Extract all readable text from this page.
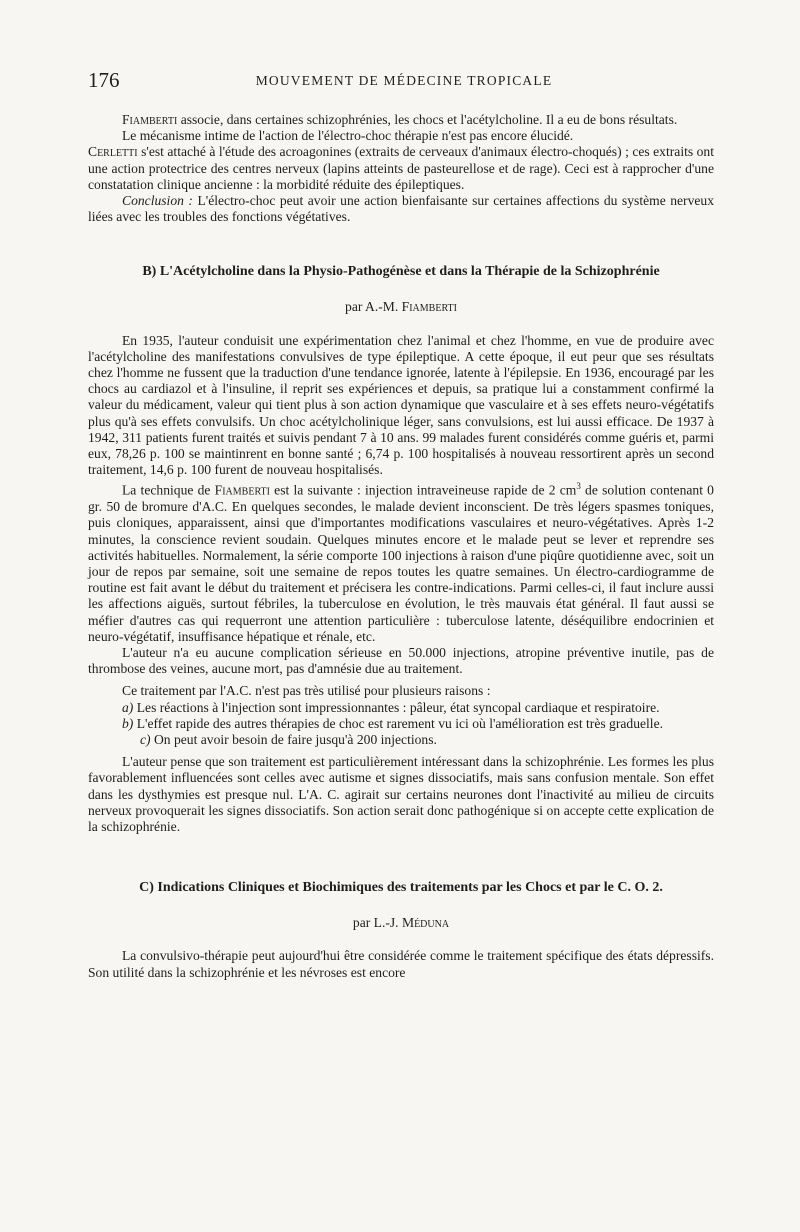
176	MOUVEMENT DE MÉDECINE TROPICALE

Fiamberti associe, dans certaines schizophrénies, les chocs et l'acétylcholine. Il a eu de bons résultats.

Le mécanisme intime de l'action de l'électro-choc thérapie n'est pas encore élucidé.

Cerletti s'est attaché à l'étude des acroagonines (extraits de cerveaux d'animaux électro-choqués) ; ces extraits ont une action protectrice des centres nerveux (lapins atteints de pasteurellose et de rage). Ceci est à rapprocher d'une constatation clinique ancienne : la morbidité réduite des épileptiques.

Conclusion : L'électro-choc peut avoir une action bienfaisante sur certaines affections du système nerveux liées avec les troubles des fonctions végétatives.

B) L'Acétylcholine dans la Physio-Pathogénèse et dans la Thérapie de la Schizophrénie
par A.-M. Fiamberti

En 1935, l'auteur conduisit une expérimentation chez l'animal et chez l'homme, en vue de produire avec l'acétylcholine des manifestations convulsives de type épileptique. A cette époque, il eut peur que ses résultats chez l'homme ne fussent que la traduction d'une tendance ignorée, latente à l'épilepsie. En 1936, encouragé par les chocs au cardiazol et à l'insuline, il reprit ses expériences et depuis, sa pratique lui a constamment confirmé la valeur du médicament, valeur qui tient plus à son action dynamique que vasculaire et à ses effets neuro-végétatifs plus qu'à ses effets convulsifs. Un choc acétylcholinique léger, sans convulsions, est lui aussi efficace. De 1937 à 1942, 311 patients furent traités et suivis pendant 7 à 10 ans. 99 malades furent considérés comme guéris et, parmi eux, 78,26 p. 100 se maintinrent en bonne santé ; 6,74 p. 100 hospitalisés à nouveau ressortirent après un second traitement, 14,6 p. 100 furent de nouveau hospitalisés.

La technique de Fiamberti est la suivante : injection intraveineuse rapide de 2 $cm^3$ de solution contenant 0 gr. 50 de bromure d'A.C. En quelques secondes, le malade devient inconscient. De très légers spasmes toniques, puis cloniques, apparaissent, ainsi que d'importantes modifications vasculaires et neuro-végétatives. Après 1-2 minutes, la conscience revient soudain. Quelques minutes encore et le malade peut se lever et reprendre ses activités habituelles. Normalement, la série comporte 100 injections à raison d'une piqûre quotidienne avec, soit un jour de repos par semaine, soit une semaine de repos toutes les quatre semaines. Un électro-cardiogramme de routine est fait avant le début du traitement et précisera les contre-indications. Parmi celles-ci, il faut inclure aussi les affections aiguës, surtout fébriles, la tuberculose en évolution, le très mauvais état général. Il faut aussi se méfier d'autres cas qui requerront une attention particulière : tuberculose latente, déséquilibre endocrinien et neuro-végétatif, insuffisance hépatique et rénale, etc.

L'auteur n'a eu aucune complication sérieuse en 50.000 injections, atropine préventive inutile, pas de thrombose des veines, aucune mort, pas d'amnésie due au traitement.

Ce traitement par l'A.C. n'est pas très utilisé pour plusieurs raisons :

a) Les réactions à l'injection sont impressionnantes : pâleur, état syncopal cardiaque et respiratoire.

b) L'effet rapide des autres thérapies de choc est rarement vu ici où l'amélioration est très graduelle.

c) On peut avoir besoin de faire jusqu'à 200 injections.

L'auteur pense que son traitement est particulièrement intéressant dans la schizophrénie. Les formes les plus favorablement influencées sont celles avec autisme et signes dissociatifs, mais sans confusion mentale. Son effet dans les dysthymies est presque nul. L'A. C. agirait sur certains neurones dont l'inactivité au milieu de circuits nerveux provoquerait les signes dissociatifs. Son action serait donc pathogénique si on accepte cette explication de la schizophrénie.

C) Indications Cliniques et Biochimiques des traitements par les Chocs et par le C. O. 2.
par L.-J. Méduna

La convulsivo-thérapie peut aujourd'hui être considérée comme le traitement spécifique des états dépressifs. Son utilité dans la schizophrénie et les névroses est encore
